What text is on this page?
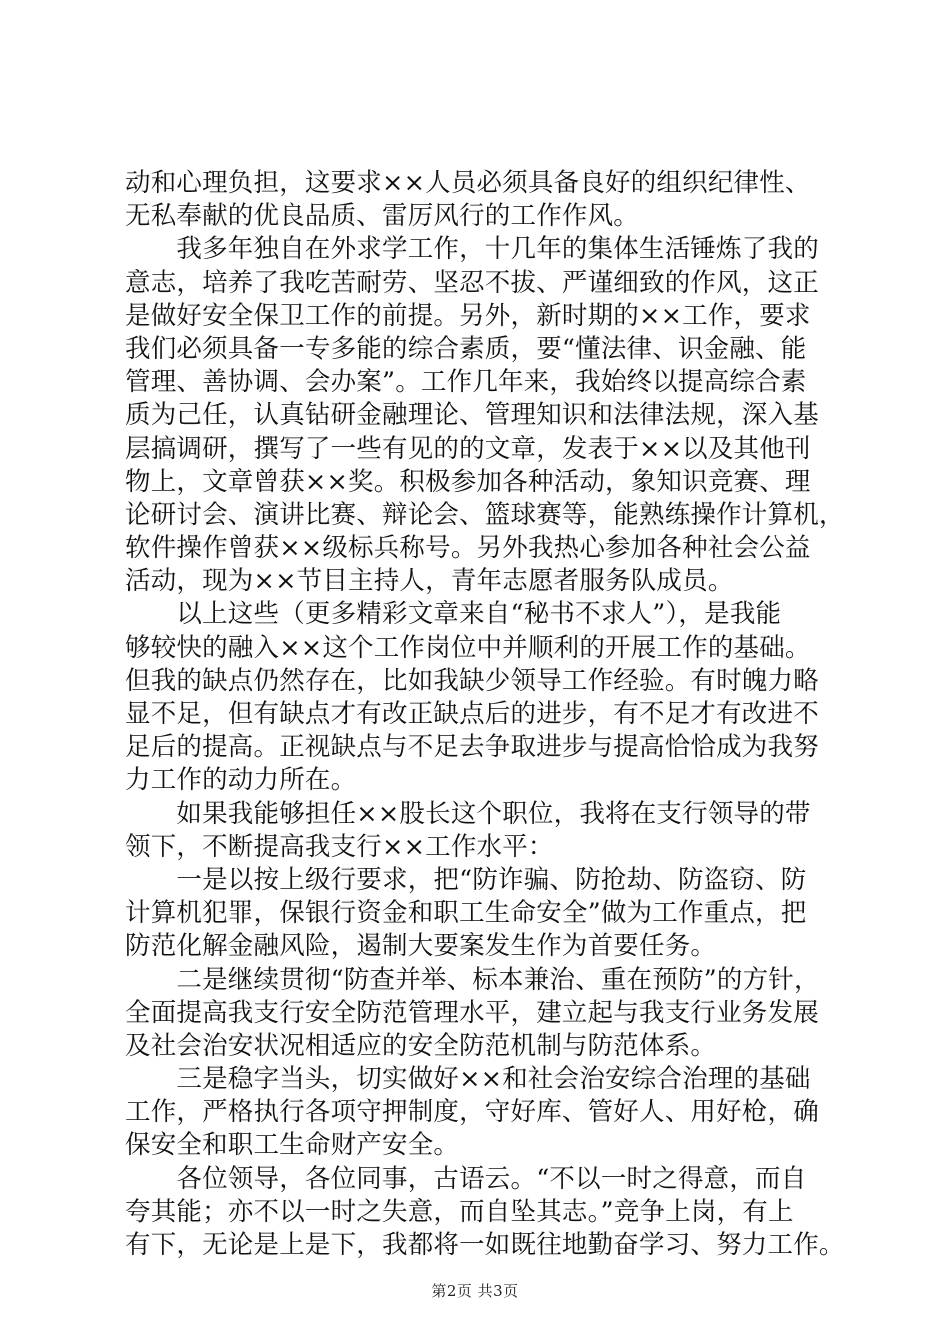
动和心理负担，这要求××人员必须具备良好的组织纪律性、
无私奉献的优良品质、雷厉风行的工作作风。
　　我多年独自在外求学工作，十几年的集体生活锤炼了我的
意志，培养了我吃苦耐劳、坚忍不拔、严谨细致的作风，这正
是做好安全保卫工作的前提。另外，新时期的××工作，要求
我们必须具备一专多能的综合素质，要“懂法律、识金融、能
管理、善协调、会办案”。工作几年来，我始终以提高综合素
质为己任，认真钻研金融理论、管理知识和法律法规，深入基
层搞调研，撰写了一些有见的的文章，发表于××以及其他刊
物上，文章曾获××奖。积极参加各种活动，象知识竞赛、理
论研讨会、演讲比赛、辩论会、篮球赛等，能熟练操作计算机，
软件操作曾获××级标兵称号。另外我热心参加各种社会公益
活动，现为××节目主持人，青年志愿者服务队成员。
　　以上这些（更多精彩文章来自“秘书不求人”），是我能
够较快的融入××这个工作岗位中并顺利的开展工作的基础。
但我的缺点仍然存在，比如我缺少领导工作经验。有时魄力略
显不足，但有缺点才有改正缺点后的进步，有不足才有改进不
足后的提高。正视缺点与不足去争取进步与提高恰恰成为我努
力工作的动力所在。
　　如果我能够担任××股长这个职位，我将在支行领导的带
领下，不断提高我支行××工作水平：
　　一是以按上级行要求，把“防诈骗、防抢劫、防盗窃、防
计算机犯罪，保银行资金和职工生命安全”做为工作重点，把
防范化解金融风险，遏制大要案发生作为首要任务。
　　二是继续贯彻“防查并举、标本兼治、重在预防”的方针，
全面提高我支行安全防范管理水平，建立起与我支行业务发展
及社会治安状况相适应的安全防范机制与防范体系。
　　三是稳字当头，切实做好××和社会治安综合治理的基础
工作，严格执行各项守押制度，守好库、管好人、用好枪，确
保安全和职工生命财产安全。
　　各位领导，各位同事，古语云。“不以一时之得意，而自
夸其能；亦不以一时之失意，而自坠其志。”竞争上岗，有上
有下，无论是上是下，我都将一如既往地勤奋学习、努力工作。
第2页 共3页
